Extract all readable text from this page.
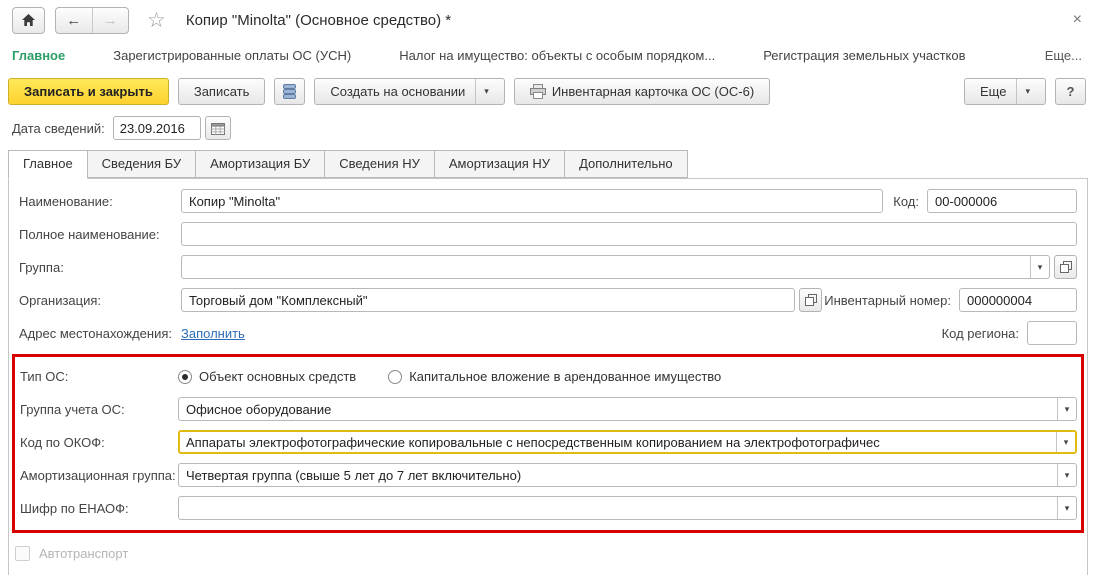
← → ☆ Копир "Minolta" (Основное средство) *	×
Главное	Зарегистрированные оплаты ОС (УСН)	Налог на имущество: объекты с особым порядком...	Регистрация земельных участков	Еще...
Записать и закрыть	Записать	Создать на основании	▾	Инвентарная карточка ОС (ОС-6)	Еще	▾	?
Дата сведений:
23.09.2016
Главное	Сведения БУ	Амортизация БУ	Сведения НУ	Амортизация НУ	Дополнительно
Наименование:
Копир "Minolta"	Код:
00-000006
Полное наименование:
Группа:	▾
Организация:
Торговый дом "Комплексный"	Инвентарный номер:
000000004
Адрес местонахождения: Заполнить	Код региона:
Тип ОС:	Объект основных средств	Капитальное вложение в арендованное имущество
Группа учета ОС:
Офисное оборудование	▾
Код по ОКОФ:
Аппараты электрофотографические копировальные с непосредственным копированием на электрофотографичес	▾
Амортизационная группа:
Четвертая группа (свыше 5 лет до 7 лет включительно)	▾
Шифр по ЕНАОФ:	▾
Автотранспорт
